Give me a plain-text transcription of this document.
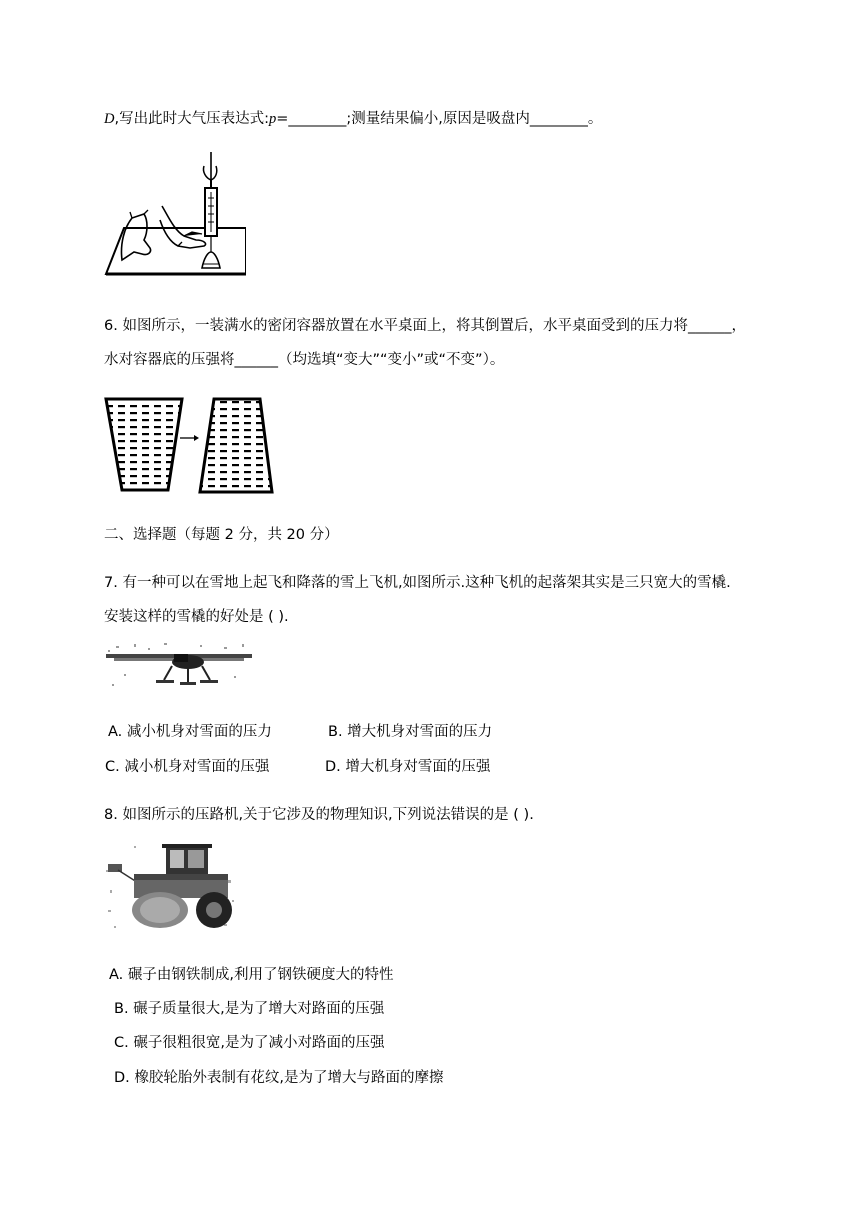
D,写出此时大气压表达式:p=________;测量结果偏小,原因是吸盘内________。
6. 如图所示，一装满水的密闭容器放置在水平桌面上，将其倒置后，水平桌面受到的压力将______，
水对容器底的压强将______（均选填“变大”“变小”或“不变”）。
二、选择题（每题 2 分，共 20 分）
7. 有一种可以在雪地上起飞和降落的雪上飞机,如图所示.这种飞机的起落架其实是三只宽大的雪橇.
安装这样的雪橇的好处是 ( ).
A. 减小机身对雪面的压力	B. 增大机身对雪面的压力
C. 减小机身对雪面的压强	D. 增大机身对雪面的压强
8. 如图所示的压路机,关于它涉及的物理知识,下列说法错误的是 ( ).
A. 碾子由钢铁制成,利用了钢铁硬度大的特性
B. 碾子质量很大,是为了增大对路面的压强
C. 碾子很粗很宽,是为了减小对路面的压强
D. 橡胶轮胎外表制有花纹,是为了增大与路面的摩擦
